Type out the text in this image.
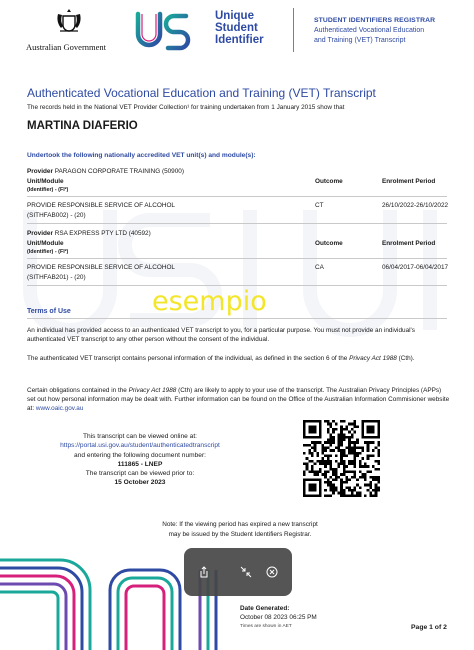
Australian Government
Unique
Student
Identifier
STUDENT IDENTIFIERS REGISTRAR
Authenticated Vocational Education
and Training (VET) Transcript
Authenticated Vocational Education and Training (VET) Transcript
The records held in the National VET Provider Collection¹ for training undertaken from 1 January 2015 show that
MARTINA DIAFERIO
Undertook the following nationally accredited VET unit(s) and module(s):
Provider PARAGON CORPORATE TRAINING (50900)
Unit/Module	Outcome	Enrolment Period
(Identifier) - (FI²)
PROVIDE RESPONSIBLE SERVICE OF ALCOHOL	CT	26/10/2022-26/10/2022
(SITHFAB002) - (20)
Provider RSA EXPRESS PTY LTD (40592)
Unit/Module	Outcome	Enrolment Period
(Identifier) - (FI²)
PROVIDE RESPONSIBLE SERVICE OF ALCOHOL	CA	06/04/2017-06/04/2017
(SITHFAB201) - (20)
esempio
Terms of Use
An individual has provided access to an authenticated VET transcript to you, for a particular purpose. You must not provide an individual's authenticated VET transcript to any other person without the consent of the individual.
The authenticated VET transcript contains personal information of the individual, as defined in the section 6 of the Privacy Act 1988 (Cth).
Certain obligations contained in the Privacy Act 1988 (Cth) are likely to apply to your use of the transcript. The Australian Privacy Principles (APPs) set out how personal information may be dealt with. Further information can be found on the Office of the Australian Information Commisioner website at: www.oaic.gov.au
This transcript can be viewed online at:
https://portal.usi.gov.au/student/authenticatedtranscript
and entering the following document number:
111865 - LNEP
The transcript can be viewed prior to:
15 October 2023
Note: If the viewing period has expired a new transcript
may be issued by the Student Identifiers Registrar.
Date Generated:
October 08 2023 06:25 PM
Times are shown in AET	Page 1 of 2
